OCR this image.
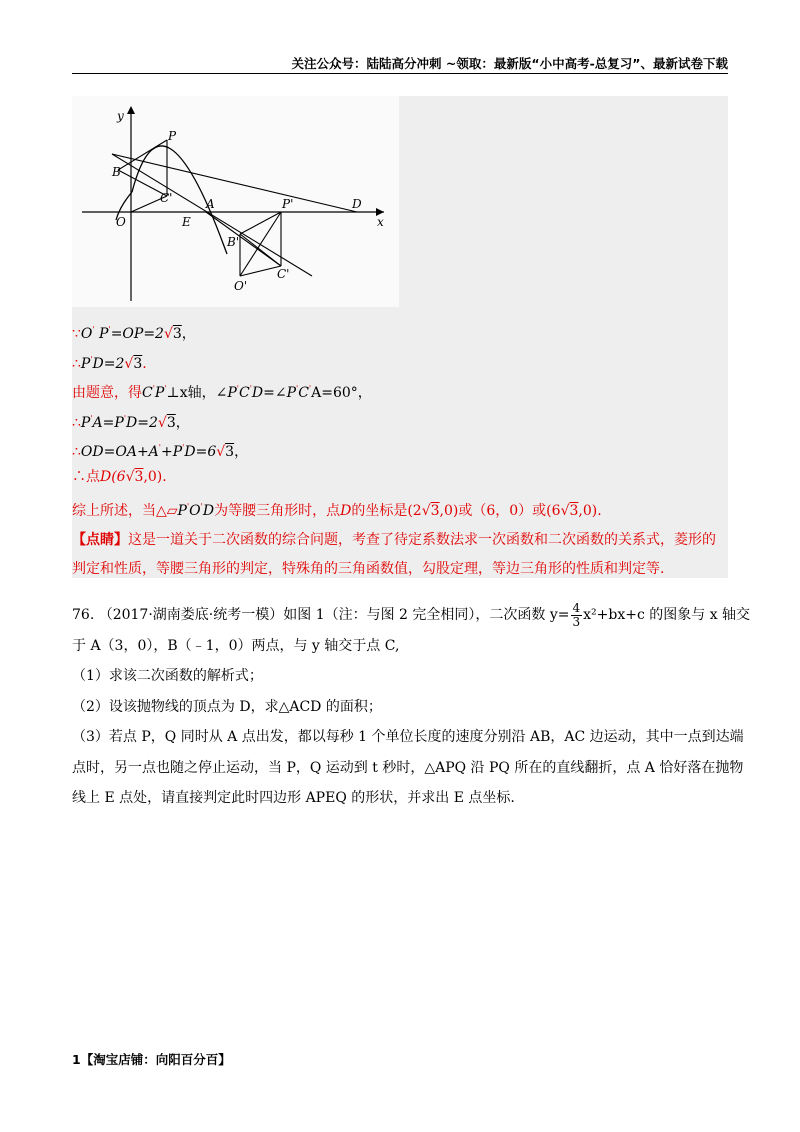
关注公众号：陆陆高分冲刺 ~领取：最新版“小中高考-总复习”、最新试卷下载
y
x
O	E
A
B
C'
P
P'	D
B'
C'
O'
∵O' P'=OP=2√3，
∴P'D=2√3.
由题意，得C'P'⊥x轴，∠P'C'D=∠P'C'A=60°，
∴P'A=P'D=2√3，
∴OD=OA+A'+P'D=6√3，
∴点D(6√3,0).
综上所述，当△▱P'O'D为等腰三角形时，点D的坐标是(2√3,0)或（6，0）或(6√3,0).
【点睛】这是一道关于二次函数的综合问题，考查了待定系数法求一次函数和二次函数的关系式，菱形的判定和性质，等腰三角形的判定，特殊角的三角函数值，勾股定理，等边三角形的性质和判定等.
76. （2017·湖南娄底·统考一模）如图 1（注：与图 2 完全相同），二次函数 $y= \frac{4}{3} x^2+bx+c$ 的图象与 x 轴交
于 A（3，0），B（﹣1，0）两点，与 y 轴交于点 C,
（1）求该二次函数的解析式；
（2）设该抛物线的顶点为 D，求△ACD 的面积；
（3）若点 P，Q 同时从 A 点出发，都以每秒 1 个单位长度的速度分别沿 AB，AC 边运动，其中一点到达端
点时，另一点也随之停止运动，当 P，Q 运动到 t 秒时，△APQ 沿 PQ 所在的直线翻折，点 A 恰好落在抛物
线上 E 点处，请直接判定此时四边形 APEQ 的形状，并求出 E 点坐标.
1【淘宝店铺：向阳百分百】
